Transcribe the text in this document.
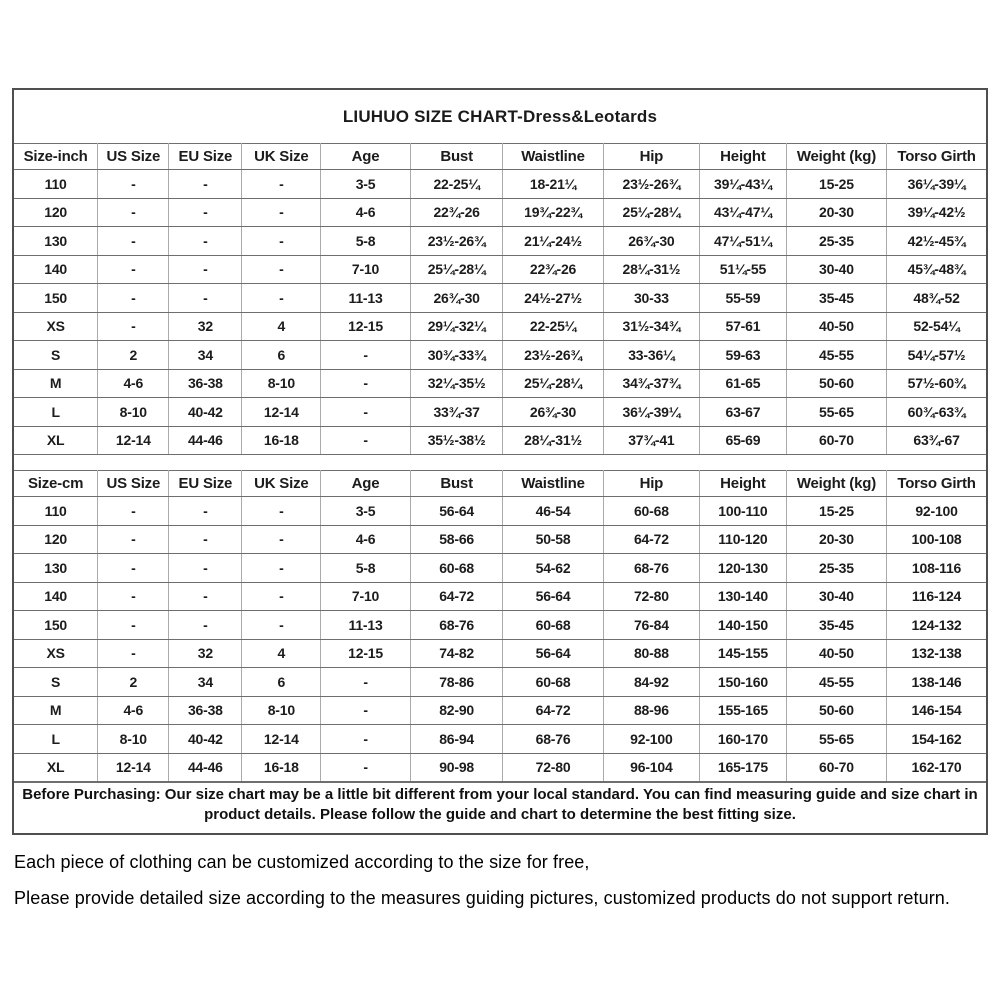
LIUHUO SIZE CHART-Dress&Leotards
Size-inch	US Size	EU Size	UK Size	Age	Bust	Waistline	Hip	Height	Weight (kg)	Torso Girth
110	-	-	-	3-5	22-25¼	18-21¼	23½-26¾	39¼-43¼	15-25	36¼-39¼
120	-	-	-	4-6	22¾-26	19¾-22¾	25¼-28¼	43¼-47¼	20-30	39¼-42½
130	-	-	-	5-8	23½-26¾	21¼-24½	26¾-30	47¼-51¼	25-35	42½-45¾
140	-	-	-	7-10	25¼-28¼	22¾-26	28¼-31½	51¼-55	30-40	45¾-48¾
150	-	-	-	11-13	26¾-30	24½-27½	30-33	55-59	35-45	48¾-52
XS	-	32	4	12-15	29¼-32¼	22-25¼	31½-34¾	57-61	40-50	52-54¼
S	2	34	6	-	30¾-33¾	23½-26¾	33-36¼	59-63	45-55	54¼-57½
M	4-6	36-38	8-10	-	32¼-35½	25¼-28¼	34¾-37¾	61-65	50-60	57½-60¾
L	8-10	40-42	12-14	-	33¾-37	26¾-30	36¼-39¼	63-67	55-65	60¾-63¾
XL	12-14	44-46	16-18	-	35½-38½	28¼-31½	37¾-41	65-69	60-70	63¾-67
Size-cm	US Size	EU Size	UK Size	Age	Bust	Waistline	Hip	Height	Weight (kg)	Torso Girth
110	-	-	-	3-5	56-64	46-54	60-68	100-110	15-25	92-100
120	-	-	-	4-6	58-66	50-58	64-72	110-120	20-30	100-108
130	-	-	-	5-8	60-68	54-62	68-76	120-130	25-35	108-116
140	-	-	-	7-10	64-72	56-64	72-80	130-140	30-40	116-124
150	-	-	-	11-13	68-76	60-68	76-84	140-150	35-45	124-132
XS	-	32	4	12-15	74-82	56-64	80-88	145-155	40-50	132-138
S	2	34	6	-	78-86	60-68	84-92	150-160	45-55	138-146
M	4-6	36-38	8-10	-	82-90	64-72	88-96	155-165	50-60	146-154
L	8-10	40-42	12-14	-	86-94	68-76	92-100	160-170	55-65	154-162
XL	12-14	44-46	16-18	-	90-98	72-80	96-104	165-175	60-70	162-170
Before Purchasing: Our size chart may be a little bit different from your local standard. You can find measuring guide and size chart in product details. Please follow the guide and chart to determine the best fitting size.

Each piece of clothing can be customized according to the size for free,

Please provide detailed size according to the measures guiding pictures, customized products do not support return.
